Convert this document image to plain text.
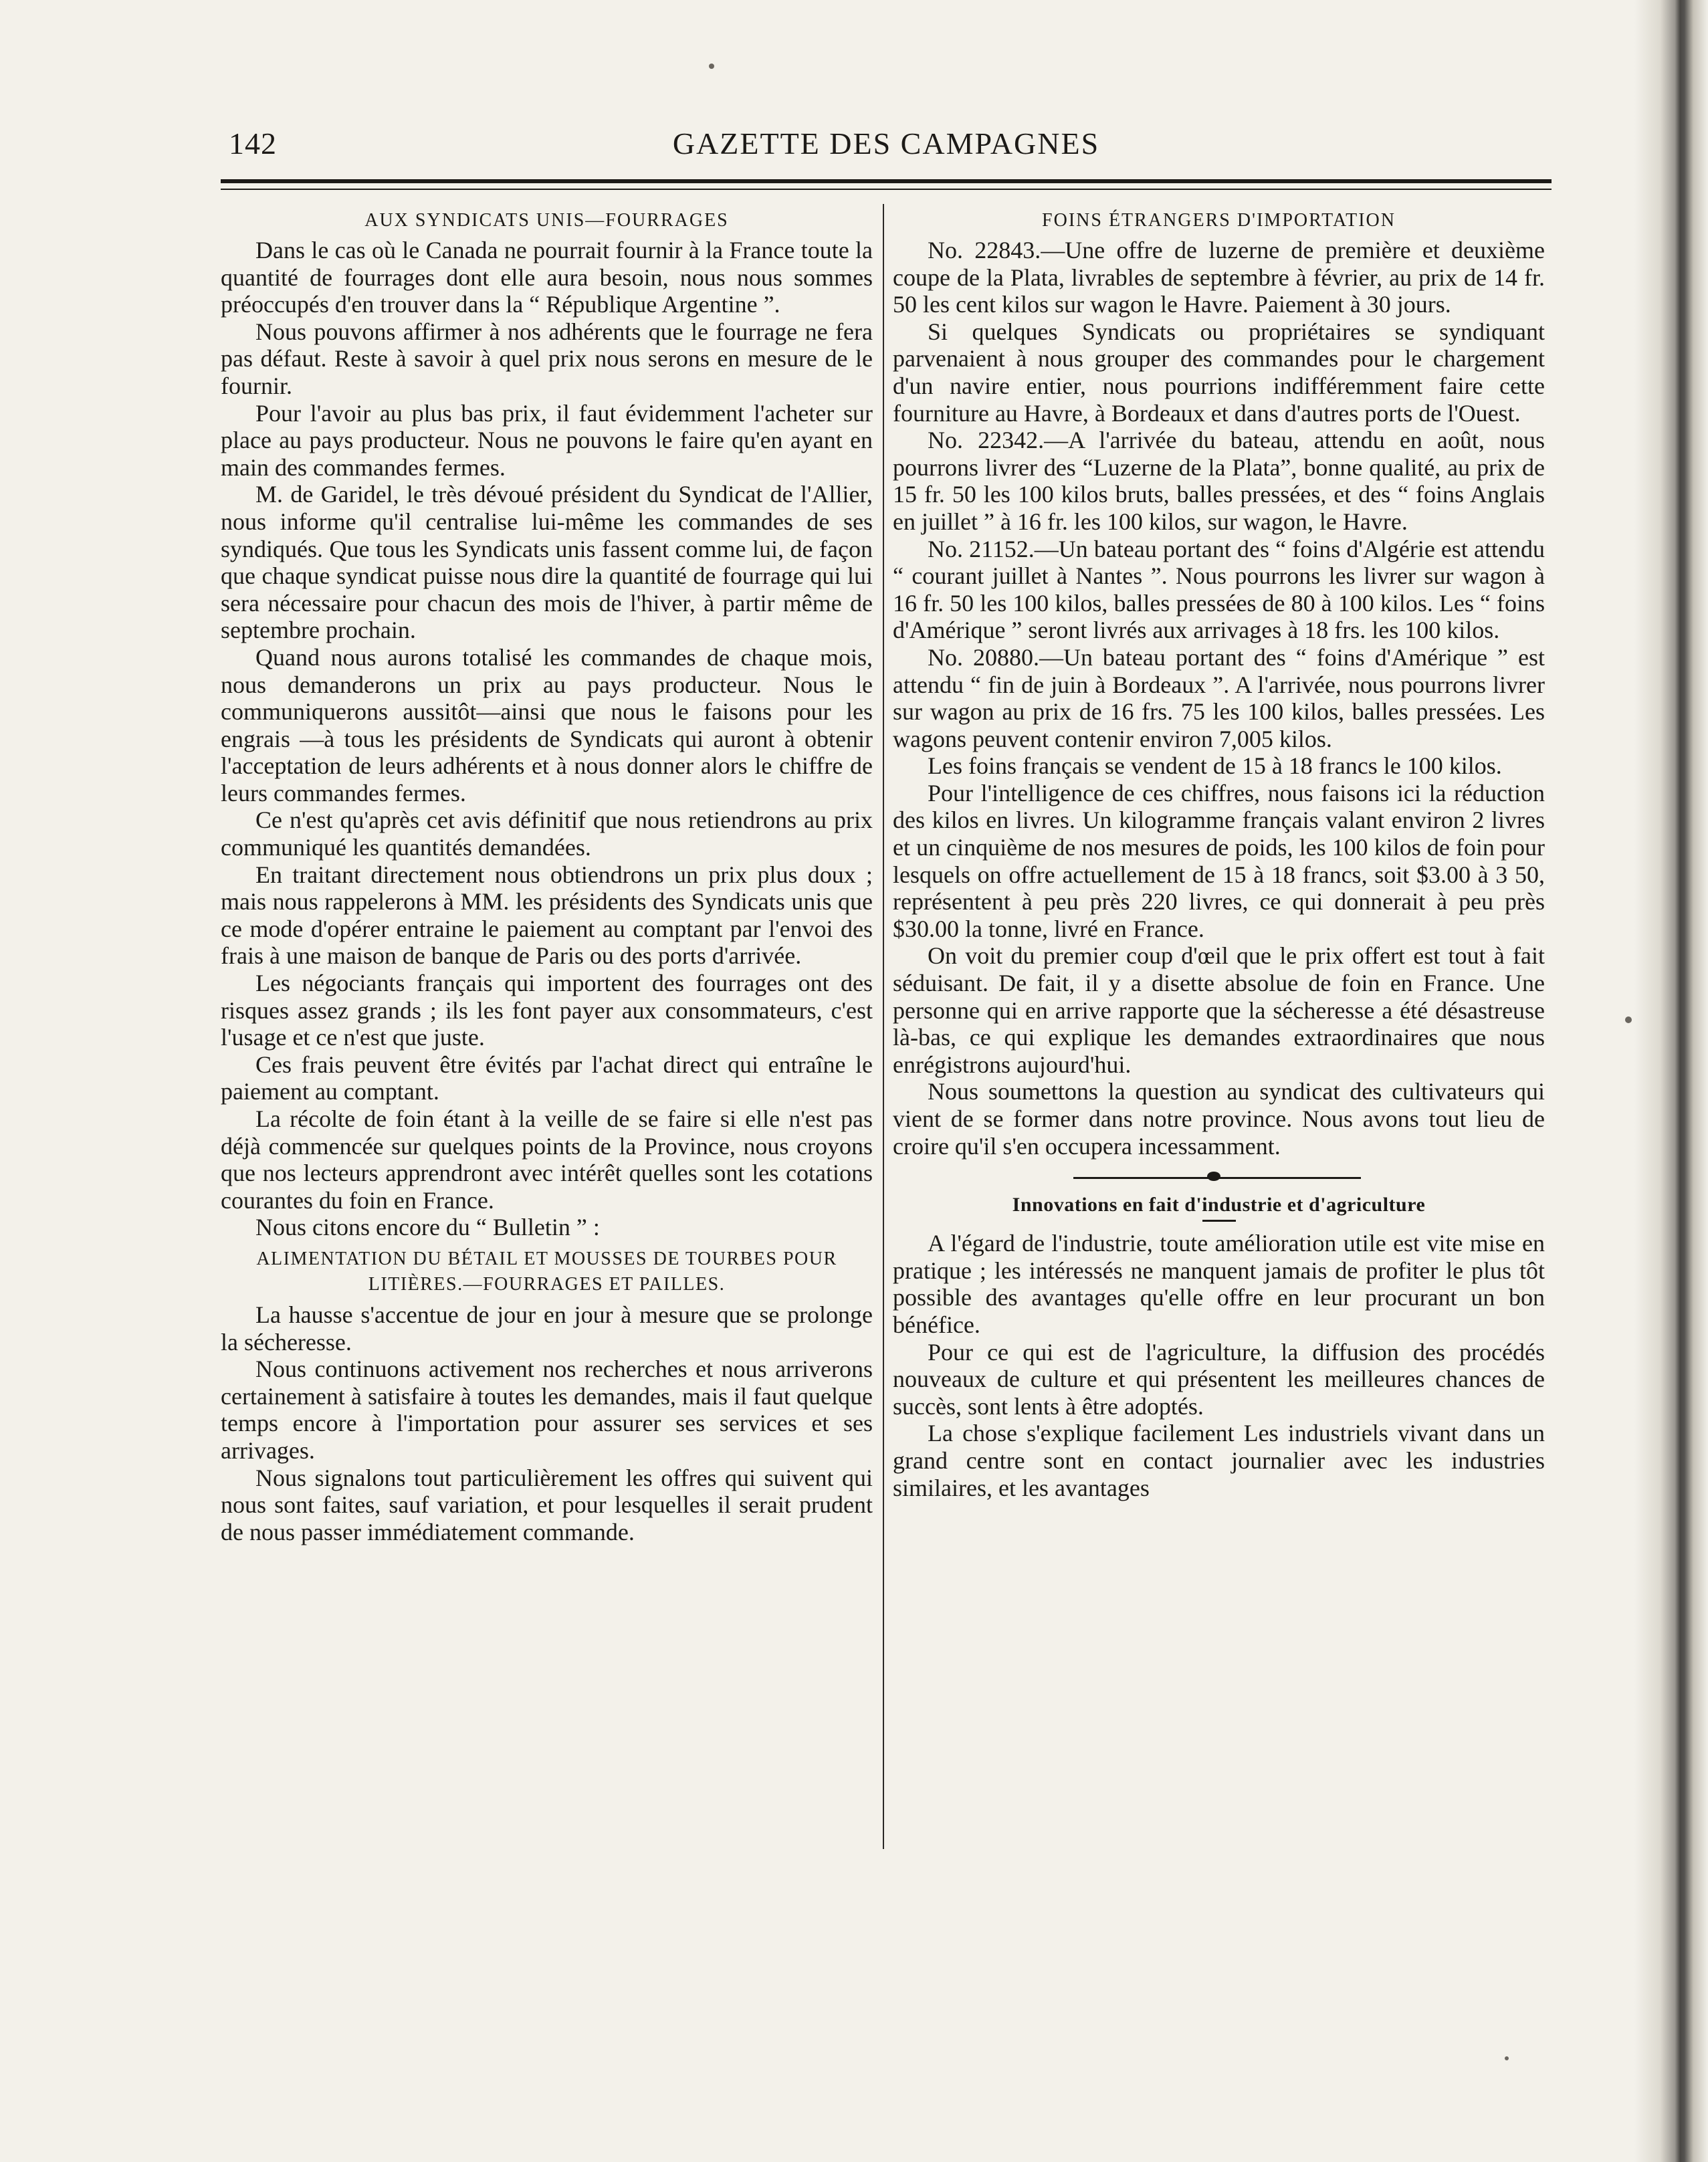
142	GAZETTE DES CAMPAGNES
AUX SYNDICATS UNIS—FOURRAGES

Dans le cas où le Canada ne pourrait fournir à la France toute la quantité de fourrages dont elle aura besoin, nous nous sommes préoccupés d'en trouver dans la “ République Argentine ”.

Nous pouvons affirmer à nos adhérents que le fourrage ne fera pas défaut. Reste à savoir à quel prix nous serons en mesure de le fournir.

Pour l'avoir au plus bas prix, il faut évidemment l'acheter sur place au pays producteur. Nous ne pouvons le faire qu'en ayant en main des commandes fermes.

M. de Garidel, le très dévoué président du Syndicat de l'Allier, nous informe qu'il centralise lui-même les commandes de ses syndiqués. Que tous les Syndicats unis fassent comme lui, de façon que chaque syndicat puisse nous dire la quantité de fourrage qui lui sera nécessaire pour chacun des mois de l'hiver, à partir même de septembre prochain.

Quand nous aurons totalisé les commandes de chaque mois, nous demanderons un prix au pays producteur. Nous le communiquerons aussitôt—ainsi que nous le faisons pour les engrais —à tous les présidents de Syndicats qui auront à obtenir l'acceptation de leurs adhérents et à nous donner alors le chiffre de leurs commandes fermes.

Ce n'est qu'après cet avis définitif que nous retiendrons au prix communiqué les quantités demandées.

En traitant directement nous obtiendrons un prix plus doux ; mais nous rappelerons à MM. les présidents des Syndicats unis que ce mode d'opérer entraine le paiement au comptant par l'envoi des frais à une maison de banque de Paris ou des ports d'arrivée.

Les négociants français qui importent des fourrages ont des risques assez grands ; ils les font payer aux consommateurs, c'est l'usage et ce n'est que juste.

Ces frais peuvent être évités par l'achat direct qui entraîne le paiement au comptant.

La récolte de foin étant à la veille de se faire si elle n'est pas déjà commencée sur quelques points de la Province, nous croyons que nos lecteurs apprendront avec intérêt quelles sont les cotations courantes du foin en France.

Nous citons encore du “ Bulletin ” :

ALIMENTATION DU BÉTAIL ET MOUSSES DE TOURBES POUR LITIÈRES.—FOURRAGES ET PAILLES.

La hausse s'accentue de jour en jour à mesure que se prolonge la sécheresse.

Nous continuons activement nos recherches et nous arriverons certainement à satisfaire à toutes les demandes, mais il faut quelque temps encore à l'importation pour assurer ses services et ses arrivages.

Nous signalons tout particulièrement les offres qui suivent qui nous sont faites, sauf variation, et pour lesquelles il serait prudent de nous passer immédiatement commande.

FOINS ÉTRANGERS D'IMPORTATION

No. 22843.—Une offre de luzerne de première et deuxième coupe de la Plata, livrables de septembre à février, au prix de 14 fr. 50 les cent kilos sur wagon le Havre. Paiement à 30 jours.

Si quelques Syndicats ou propriétaires se syndiquant parvenaient à nous grouper des commandes pour le chargement d'un navire entier, nous pourrions indifféremment faire cette fourniture au Havre, à Bordeaux et dans d'autres ports de l'Ouest.

No. 22342.—A l'arrivée du bateau, attendu en août, nous pourrons livrer des “Luzerne de la Plata”, bonne qualité, au prix de 15 fr. 50 les 100 kilos bruts, balles pressées, et des “ foins Anglais en juillet ” à 16 fr. les 100 kilos, sur wagon, le Havre.

No. 21152.—Un bateau portant des “ foins d'Algérie est attendu “ courant juillet à Nantes ”. Nous pourrons les livrer sur wagon à 16 fr. 50 les 100 kilos, balles pressées de 80 à 100 kilos. Les “ foins d'Amérique ” seront livrés aux arrivages à 18 frs. les 100 kilos.

No. 20880.—Un bateau portant des “ foins d'Amérique ” est attendu “ fin de juin à Bordeaux ”. A l'arrivée, nous pourrons livrer sur wagon au prix de 16 frs. 75 les 100 kilos, balles pressées. Les wagons peuvent contenir environ 7,005 kilos.

Les foins français se vendent de 15 à 18 francs le 100 kilos.

Pour l'intelligence de ces chiffres, nous faisons ici la réduction des kilos en livres. Un kilogramme français valant environ 2 livres et un cinquième de nos mesures de poids, les 100 kilos de foin pour lesquels on offre actuellement de 15 à 18 francs, soit $3.00 à 3 50, représentent à peu près 220 livres, ce qui donnerait à peu près $30.00 la tonne, livré en France.

On voit du premier coup d'œil que le prix offert est tout à fait séduisant. De fait, il y a disette absolue de foin en France. Une personne qui en arrive rapporte que la sécheresse a été désastreuse là-bas, ce qui explique les demandes extraordinaires que nous enrégistrons aujourd'hui.

Nous soumettons la question au syndicat des cultivateurs qui vient de se former dans notre province. Nous avons tout lieu de croire qu'il s'en occupera incessamment.

Innovations en fait d'industrie et d'agriculture

A l'égard de l'industrie, toute amélioration utile est vite mise en pratique ; les intéressés ne manquent jamais de profiter le plus tôt possible des avantages qu'elle offre en leur procurant un bon bénéfice.

Pour ce qui est de l'agriculture, la diffusion des procédés nouveaux de culture et qui présentent les meilleures chances de succès, sont lents à être adoptés.

La chose s'explique facilement Les industriels vivant dans un grand centre sont en contact journalier avec les industries similaires, et les avantages
